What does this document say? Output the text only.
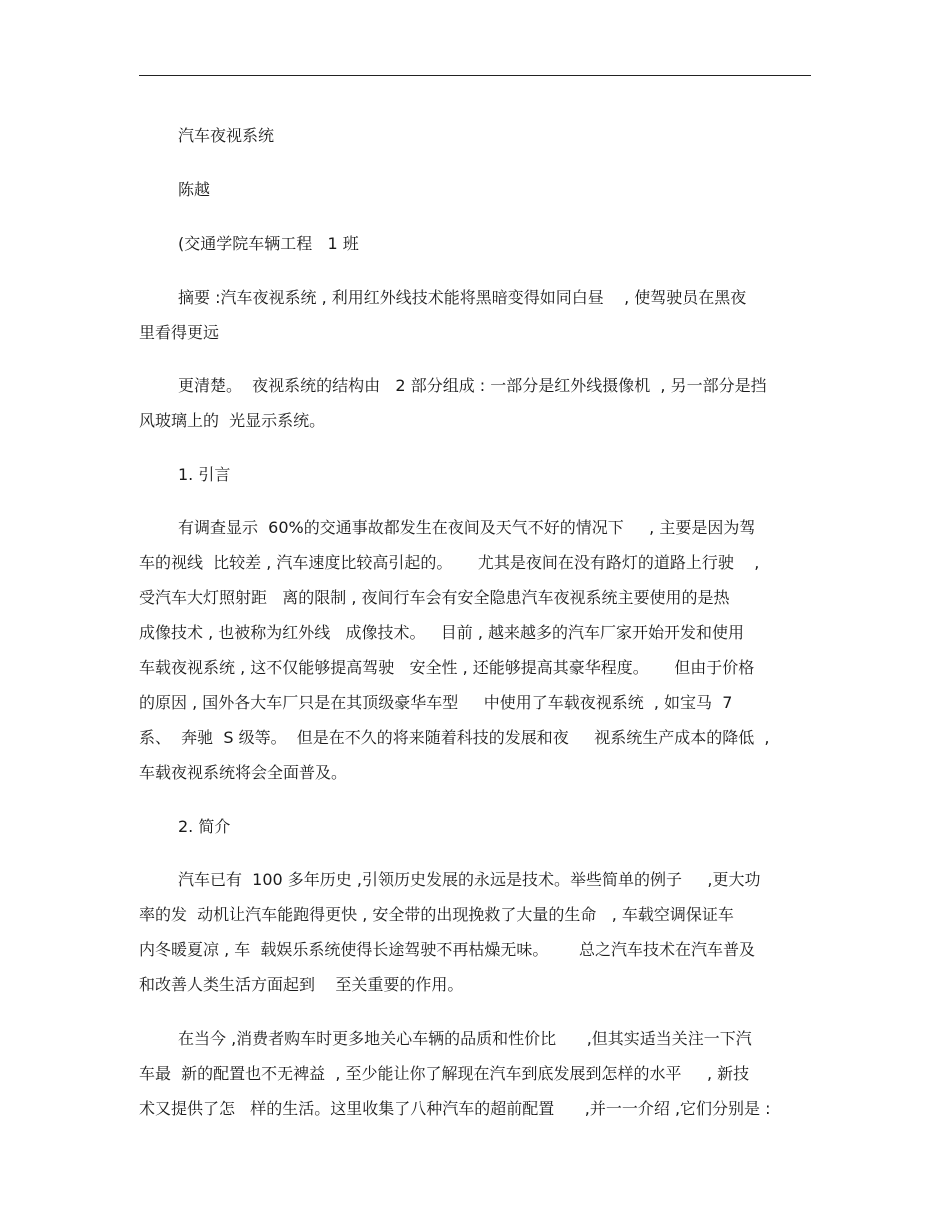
汽车夜视系统
陈越
(交通学院车辆工程   1 班
摘要 :汽车夜视系统 , 利用红外线技术能将黑暗变得如同白昼    , 使驾驶员在黑夜
里看得更远
更清楚。  夜视系统的结构由   2 部分组成 : 一部分是红外线摄像机  , 另一部分是挡
风玻璃上的  光显示系统。
1. 引言
有调查显示  60%的交通事故都发生在夜间及天气不好的情况下     , 主要是因为驾
车的视线  比较差 , 汽车速度比较高引起的。     尤其是夜间在没有路灯的道路上行驶    ,
受汽车大灯照射距   离的限制 , 夜间行车会有安全隐患汽车夜视系统主要使用的是热
成像技术 , 也被称为红外线   成像技术。   目前 , 越来越多的汽车厂家开始开发和使用
车载夜视系统 , 这不仅能够提高驾驶   安全性 , 还能够提高其豪华程度。     但由于价格
的原因 , 国外各大车厂只是在其顶级豪华车型     中使用了车载夜视系统  , 如宝马  7
系、  奔驰  S 级等。  但是在不久的将来随着科技的发展和夜     视系统生产成本的降低  ,
车载夜视系统将会全面普及。
2. 简介
汽车已有  100 多年历史 ,引领历史发展的永远是技术。举些简单的例子     ,更大功
率的发  动机让汽车能跑得更快 , 安全带的出现挽救了大量的生命   , 车载空调保证车
内冬暖夏凉 , 车  载娱乐系统使得长途驾驶不再枯燥无味。      总之汽车技术在汽车普及
和改善人类生活方面起到    至关重要的作用。
在当今 ,消费者购车时更多地关心车辆的品质和性价比      ,但其实适当关注一下汽
车最  新的配置也不无裨益  , 至少能让你了解现在汽车到底发展到怎样的水平     , 新技
术又提供了怎   样的生活。这里收集了八种汽车的超前配置      ,并一一介绍 ,它们分别是 :
